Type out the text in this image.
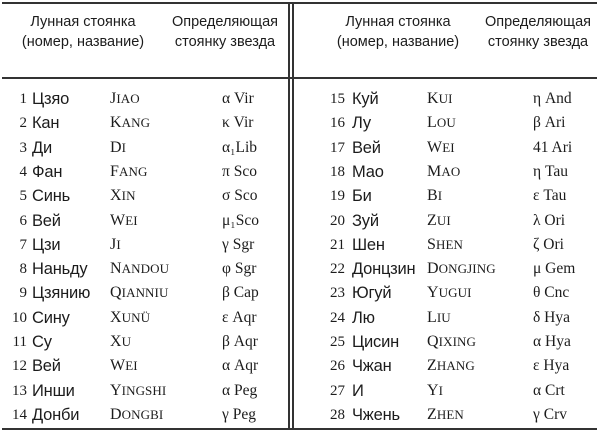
Лунная стоянка
(номер, название)
Определяющая
стоянку звезда
1 Цзяо	JIAO	α Vir
2 Кан	KANG	κ Vir
3 Ди	DI	α₁Lib
4 Фан	FANG	π Sco
5 Синь	XIN	σ Sco
6 Вей	WEI	μ₁Sco
7 Цзи	JI	γ Sgr
8 Наньду NANDOU	φ Sgr
9 Цзянию QIANNIU	β Cap
10 Сину	XUNÜ	ε Aqr
11 Су	XU	β Aqr
12 Вей	WEI	α Aqr
13 Инши	YINGSHI	α Peg
14 Донби DONGBI	γ Peg
Лунная стоянка
(номер, название)
Определяющая
стоянку звезда
15 Куй	KUI	η And
16 Лу	LOU	β Ari
17 Вей	WEI	41 Ari
18 Мао	MAO	η Tau
19 Би	BI	ε Tau
20 Зуй	ZUI	λ Ori
21 Шен	SHEN	ζ Ori
22 Донцзин DONGJING μ Gem
23 Югуй	YUGUI	θ Cnc
24 Лю	LIU	δ Hya
25 Цисин QIXING	α Hya
26 Чжан	ZHANG	ε Hya
27 И	YI	α Crt
28 Чжень ZHEN	γ Crv
